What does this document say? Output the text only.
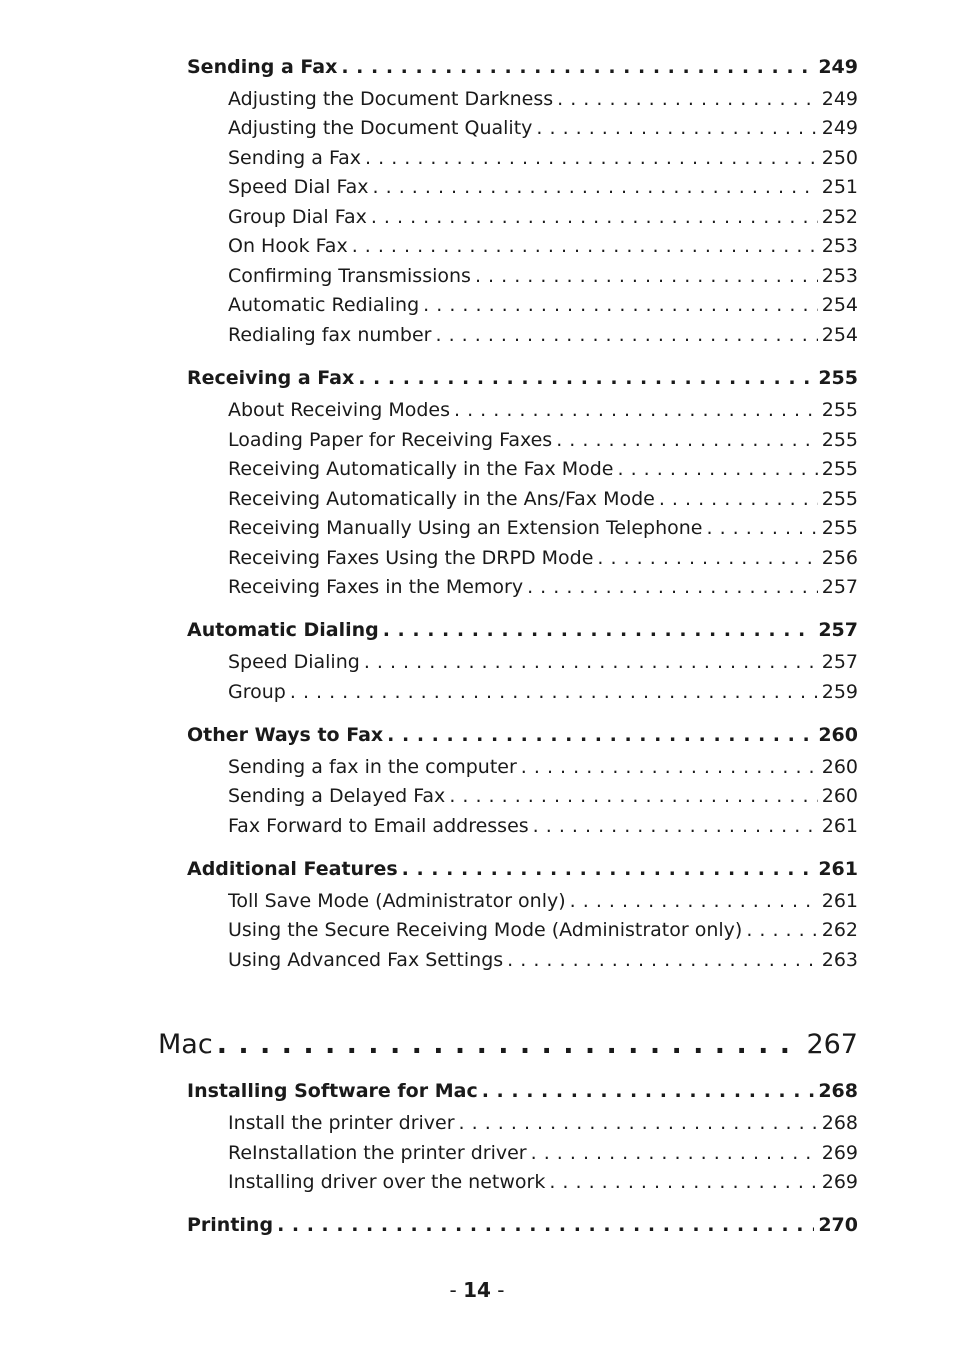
Sending a Fax . . .	249
Adjusting the Document Darkness . . .	249
Adjusting the Document Quality . . .	249
Sending a Fax . . .	250
Speed Dial Fax . . .	251
Group Dial Fax . . .	252
On Hook Fax . . .	253
Confirming Transmissions . . .	253
Automatic Redialing . . .	254
Redialing fax number . . .	254
Receiving a Fax . . .	255
About Receiving Modes . . .	255
Loading Paper for Receiving Faxes . . .	255
Receiving Automatically in the Fax Mode . . .	255
Receiving Automatically in the Ans/Fax Mode . . .	255
Receiving Manually Using an Extension Telephone . . .	255
Receiving Faxes Using the DRPD Mode . . .	256
Receiving Faxes in the Memory . . .	257
Automatic Dialing . . .	257
Speed Dialing . . .	257
Group . . .	259
Other Ways to Fax . . .	260
Sending a fax in the computer . . .	260
Sending a Delayed Fax . . .	260
Fax Forward to Email addresses . . .	261
Additional Features . . .	261
Toll Save Mode (Administrator only) . . .	261
Using the Secure Receiving Mode (Administrator only) . . .	262
Using Advanced Fax Settings . . .	263
Mac . . .	267
Installing Software for Mac . . .	268
Install the printer driver . . .	268
ReInstallation the printer driver . . .	269
Installing driver over the network . . .	269
Printing . . .	270
- 14 -
